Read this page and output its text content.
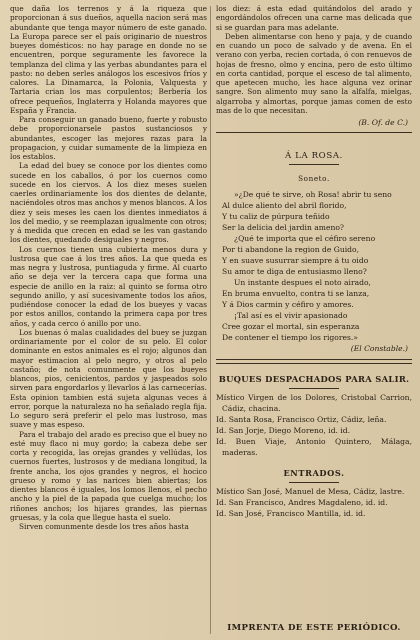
que daña los terrenos y á la riqueza que proporcionan á sus dueños, aquella nacion será mas abundante que tenga mayor número de este ganado. La Europa parece ser el país originario de nuestros bueyes domésticos: no hay parage en donde no se encuentren, porque seguramente les favorece la templanza del clima y las yerbas abundantes para el pasto: no deben serles análogos los escesivos fríos y calores. La Dinamarca, la Polonia, Valquesta y Tartaria crian los mas corpulentos; Berbería los ofrece pequeños, Inglaterra y Holanda mayores que España y Francia.

Para conseguir un ganado bueno, fuerte y robusto debe proporcionarsele pastos sustanciosos y abundantes, escoger las mejores razas para la propagacion, y cuidar sumamente de la limpieza en los establos.

La edad del buey se conoce por los dientes como sucede en los caballos, ó por los cuernos como sucede en los ciervos. A los diez meses suelen caerles ordinariamente los dos dientes de delante, naciéndoles otros mas anchos y menos blancos. A los diez y seis meses les caen los dientes inmediatos á los del medio, y se reemplazan igualmente con otros; y á medida que crecen en edad se les van gastando los dientes, quedando desiguales y negros.

Los cuernos tienen una cubierta menos dura y lustrosa que cae á los tres años. La que queda es mas negra y lustrosa, puntiaguda y firme. Al cuarto año se deja ver la tercera capa que forma una especie de anillo en la raiz: al quinto se forma otro segundo anillo, y así sucesivamente todos los años, pudiéndose conocer la edad de los bueyes y vacas por estos anillos, contando la primera capa por tres años, y cada cerco ó anillo por uno.

Los buenas ó malas cualidades del buey se juzgan ordinariamente por el color de su pelo. El color dominante en estos animales es el rojo; algunos dan mayor estimacion al pelo negro, y otros al pelo castaño; de nota comunmente que los bueyes blancos, pios, cenicientos, pardos y jaspeados solo sirven para engordarlos y llevarlos á las carnecerías. Esta opinion tambien está sujeta algunas veces á error, porque la naturaleza no ha señalado regla fija. Lo seguro será preferir el pelo mas lustroso, mas suave y mas espeso.

Para el trabajo del arado es preciso que el buey no esté muy flaco ni muy gordo; la cabeza debe ser corta y recogida, las orejas grandes y vellúdas, los cuernos fuertes, lustrosos y de mediana longitud, la frente ancha, los ojos grandes y negros, el hocico grueso y romo y las narices bien abiertas; los dientes blancos é iguales, los lomos llenos, el pecho ancho y la piel de la papada que cuelga mucho; los riñones anchos; los hijares grandes, las piernas gruesas, y la cola que llegue hasta el suelo.

Sirven comunmente desde los tres años hasta

los diez: á esta edad quitándolos del arado y engordándolos ofrecen una carne mas delicada que si se guardan para mas adelante.

Deben alimentarse con heno y paja, y de cuando en cuando un poco de salvado y de avena. En el verano con yerba, recien cortada, ó con renuevos de hojas de fresno, olmo y encina, pero de esto último en corta cantidad, porque el esceso de tal alimento, que apetecen mucho, les hace alguna vez orinar sangre. Son alimento muy sano la alfalfa, mielgas, algarroba y almortas, porque jamas comen de esto mas de lo que necesitan.

(B. Of. de C.)

Á LA ROSA.

Soneto.

»¿De qué te sirve, oh Rosa! abrir tu seno
Al dulce aliento del abril florido,
Y tu caliz de púrpura teñido
Ser la delicia del jardin ameno?
¿Qué te importa que el céfiro sereno
Por ti abandone la region de Guido,
Y en suave susurrar siempre á tu oido
Su amor te diga de entusiasmo lleno?
Un instante despues el noto airado,
En bruma envuelto, contra ti se lanza,
Y á Dios carmin y céfiro y amores.
¡Tal así es el vivir apasionado
Cree gozar el mortal, sin esperanza
De contener el tiempo los rigores.»
(El Constable.)

BUQUES DESPACHADOS PARA SALIR.

Místico Virgen de los Dolores, Cristobal Carrion, Cádiz, chacina.

Id. Santa Rosa, Francisco Ortiz, Cádiz, leña.

Id. San Jorje, Diego Moreno, id. id.

Id. Buen Viaje, Antonio Quintero, Málaga, maderas.

ENTRADOS.

Místico San José, Manuel de Mesa, Cádiz, lastre.

Id. San Francisco, Andres Magdaleno, id. id.

Id. San José, Francisco Mantilla, id. id.

IMPRENTA DE ESTE PERIÓDICO.
